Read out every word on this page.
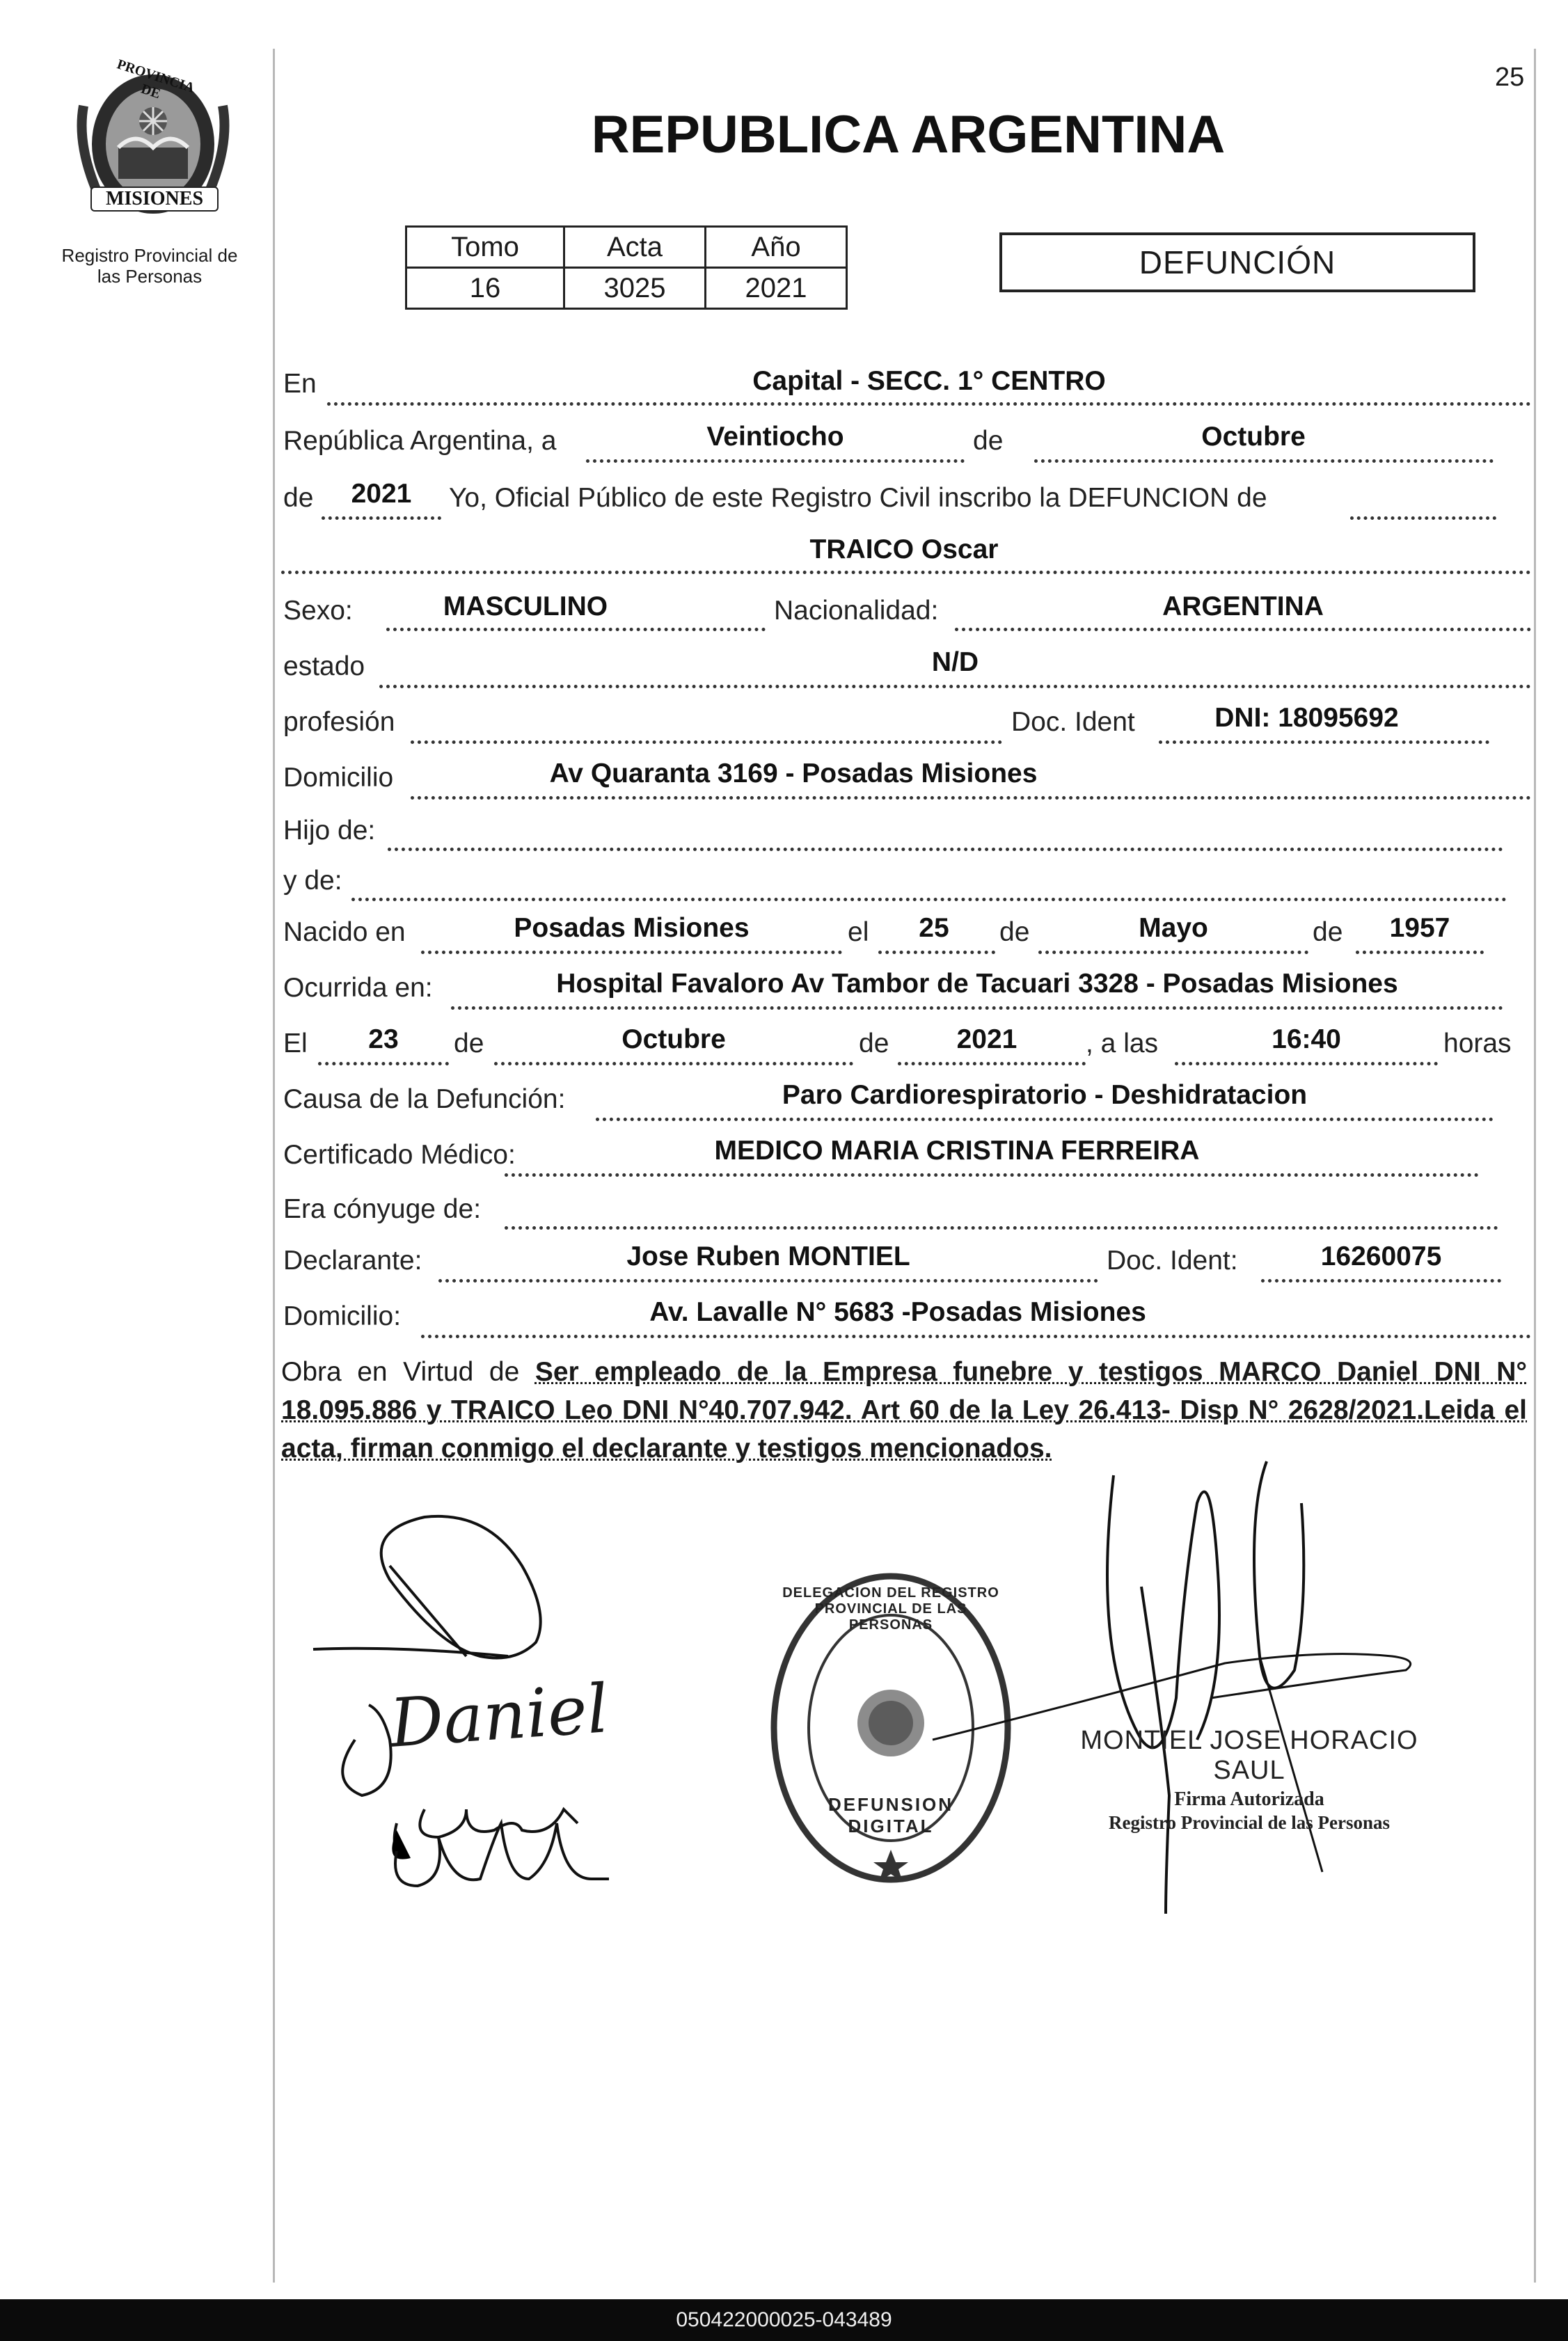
25
PROVINCIA DE
MISIONES
Registro Provincial de
las Personas
REPUBLICA ARGENTINA
Tomo	Acta	Año
16	3025	2021
DEFUNCIÓN
En	Capital - SECC. 1° CENTRO
República Argentina, a	Veintiocho	de	Octubre
de	2021	Yo, Oficial Público de este Registro Civil inscribo la DEFUNCION de
TRAICO Oscar
Sexo:	MASCULINO	Nacionalidad:	ARGENTINA
estado	N/D
profesión	Doc. Ident	DNI: 18095692
Domicilio	Av Quaranta 3169 - Posadas Misiones
Hijo de:
y de:
Nacido en	Posadas Misiones	el	25	de	Mayo	de	1957
Ocurrida en:	Hospital Favaloro Av Tambor de Tacuari 3328 - Posadas Misiones
El	23	de	Octubre	de	2021	, a las	16:40	horas
Causa de la Defunción:	Paro Cardiorespiratorio - Deshidratacion
Certificado Médico:	MEDICO MARIA CRISTINA FERREIRA
Era cónyuge de:
Declarante:	Jose Ruben MONTIEL	Doc. Ident:	16260075
Domicilio:	Av. Lavalle N° 5683 -Posadas Misiones
Obra en Virtud de Ser empleado de la Empresa funebre y testigos MARCO Daniel DNI N° 18.095.886 y TRAICO Leo DNI N°40.707.942. Art 60 de la Ley 26.413- Disp N° 2628/2021.Leida el acta, firman conmigo el declarante y testigos mencionados.
Daniel
DELEGACION DEL REGISTRO PROVINCIAL DE LAS PERSONAS
DEFUNSION DIGITAL
MONTIEL JOSE HORACIO SAUL
Firma Autorizada
Registro Provincial de las Personas
050422000025-043489
